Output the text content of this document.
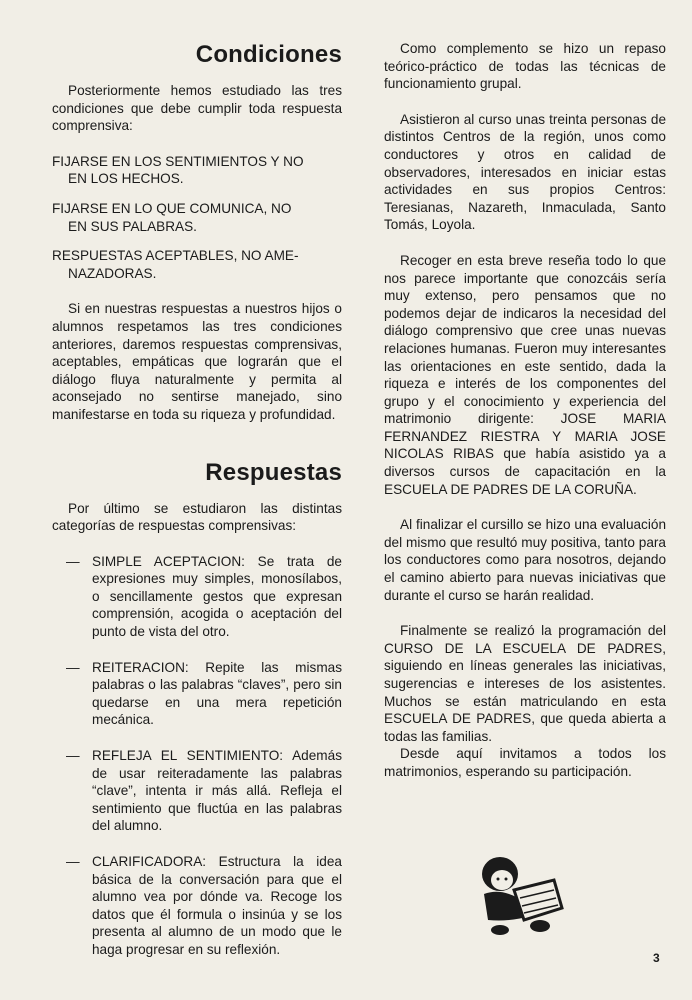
Condiciones

Posteriormente hemos estudiado las tres condiciones que debe cumplir toda respuesta comprensiva:

FIJARSE EN LOS SENTIMIENTOS Y NO
EN LOS HECHOS.

FIJARSE EN LO QUE COMUNICA, NO
EN SUS PALABRAS.

RESPUESTAS ACEPTABLES, NO AME-
NAZADORAS.

Si en nuestras respuestas a nuestros hijos o alumnos respetamos las tres condiciones anteriores, daremos respuestas comprensivas, aceptables, empáticas que lograrán que el diálogo fluya naturalmente y permita al aconsejado no sentirse manejado, sino manifestarse en toda su riqueza y profundidad.

Respuestas

Por último se estudiaron las distintas categorías de respuestas comprensivas:

— SIMPLE ACEPTACION: Se trata de expresiones muy simples, monosílabos, o sencillamente gestos que expresan comprensión, acogida o aceptación del punto de vista del otro.

— REITERACION: Repite las mismas palabras o las palabras “claves”, pero sin quedarse en una mera repetición mecánica.

— REFLEJA EL SENTIMIENTO: Además de usar reiteradamente las palabras “clave”, intenta ir más allá. Refleja el sentimiento que fluctúa en las palabras del alumno.

— CLARIFICADORA: Estructura la idea básica de la conversación para que el alumno vea por dónde va. Recoge los datos que él formula o insinúa y se los presenta al alumno de un modo que le haga progresar en su reflexión.

Como complemento se hizo un repaso teórico-práctico de todas las técnicas de funcionamiento grupal.

Asistieron al curso unas treinta personas de distintos Centros de la región, unos como conductores y otros en calidad de observadores, interesados en iniciar estas actividades en sus propios Centros: Teresianas, Nazareth, Inmaculada, Santo Tomás, Loyola.

Recoger en esta breve reseña todo lo que nos parece importante que conozcáis sería muy extenso, pero pensamos que no podemos dejar de indicaros la necesidad del diálogo comprensivo que cree unas nuevas relaciones humanas. Fueron muy interesantes las orientaciones en este sentido, dada la riqueza e interés de los componentes del grupo y el conocimiento y experiencia del matrimonio dirigente: JOSE MARIA FERNANDEZ RIESTRA Y MARIA JOSE NICOLAS RIBAS que había asistido ya a diversos cursos de capacitación en la ESCUELA DE PADRES DE LA CORUÑA.

Al finalizar el cursillo se hizo una evaluación del mismo que resultó muy positiva, tanto para los conductores como para nosotros, dejando el camino abierto para nuevas iniciativas que durante el curso se harán realidad.

Finalmente se realizó la programación del CURSO DE LA ESCUELA DE PADRES, siguiendo en líneas generales las iniciativas, sugerencias e intereses de los asistentes. Muchos se están matriculando en esta ESCUELA DE PADRES, que queda abierta a todas las familias.

Desde aquí invitamos a todos los matrimonios, esperando su participación.

3
